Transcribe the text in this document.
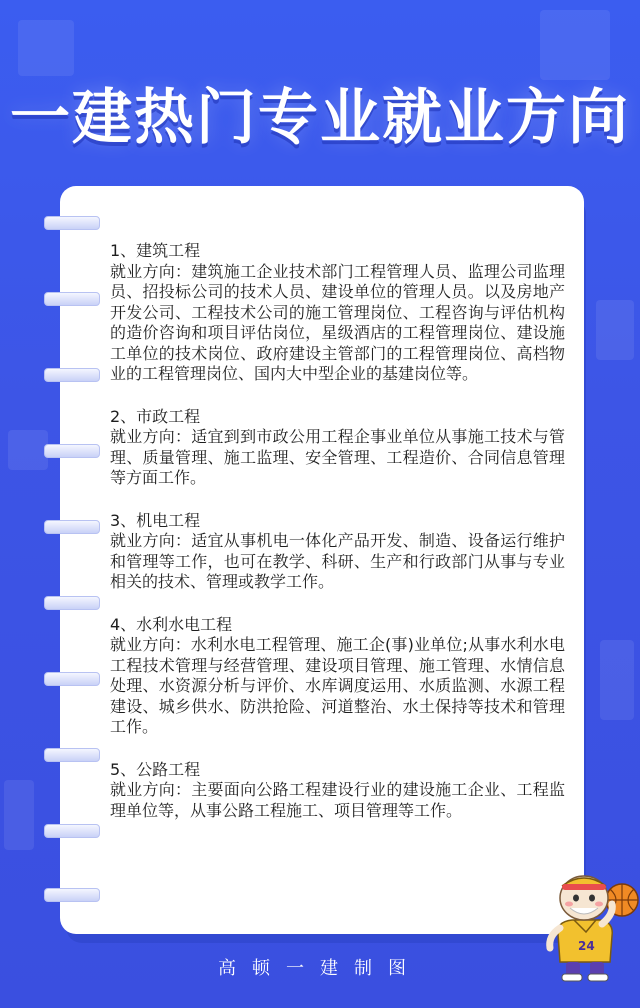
一建热门专业就业方向
1、建筑工程
就业方向：建筑施工企业技术部门工程管理人员、监理公司监理员、招投标公司的技术人员、建设单位的管理人员。以及房地产开发公司、工程技术公司的施工管理岗位、工程咨询与评估机构的造价咨询和项目评估岗位，星级酒店的工程管理岗位、建设施工单位的技术岗位、政府建设主管部门的工程管理岗位、高档物业的工程管理岗位、国内大中型企业的基建岗位等。
2、市政工程
就业方向：适宜到到市政公用工程企事业单位从事施工技术与管理、质量管理、施工监理、安全管理、工程造价、合同信息管理等方面工作。
3、机电工程
就业方向：适宜从事机电一体化产品开发、制造、设备运行维护和管理等工作，也可在教学、科研、生产和行政部门从事与专业相关的技术、管理或教学工作。
4、水利水电工程
就业方向：水利水电工程管理、施工企(事)业单位;从事水利水电工程技术管理与经营管理、建设项目管理、施工管理、水情信息处理、水资源分析与评价、水库调度运用、水质监测、水源工程建设、城乡供水、防洪抢险、河道整治、水土保持等技术和管理工作。
5、公路工程
就业方向：主要面向公路工程建设行业的建设施工企业、工程监理单位等，从事公路工程施工、项目管理等工作。
24
高顿一建制图
